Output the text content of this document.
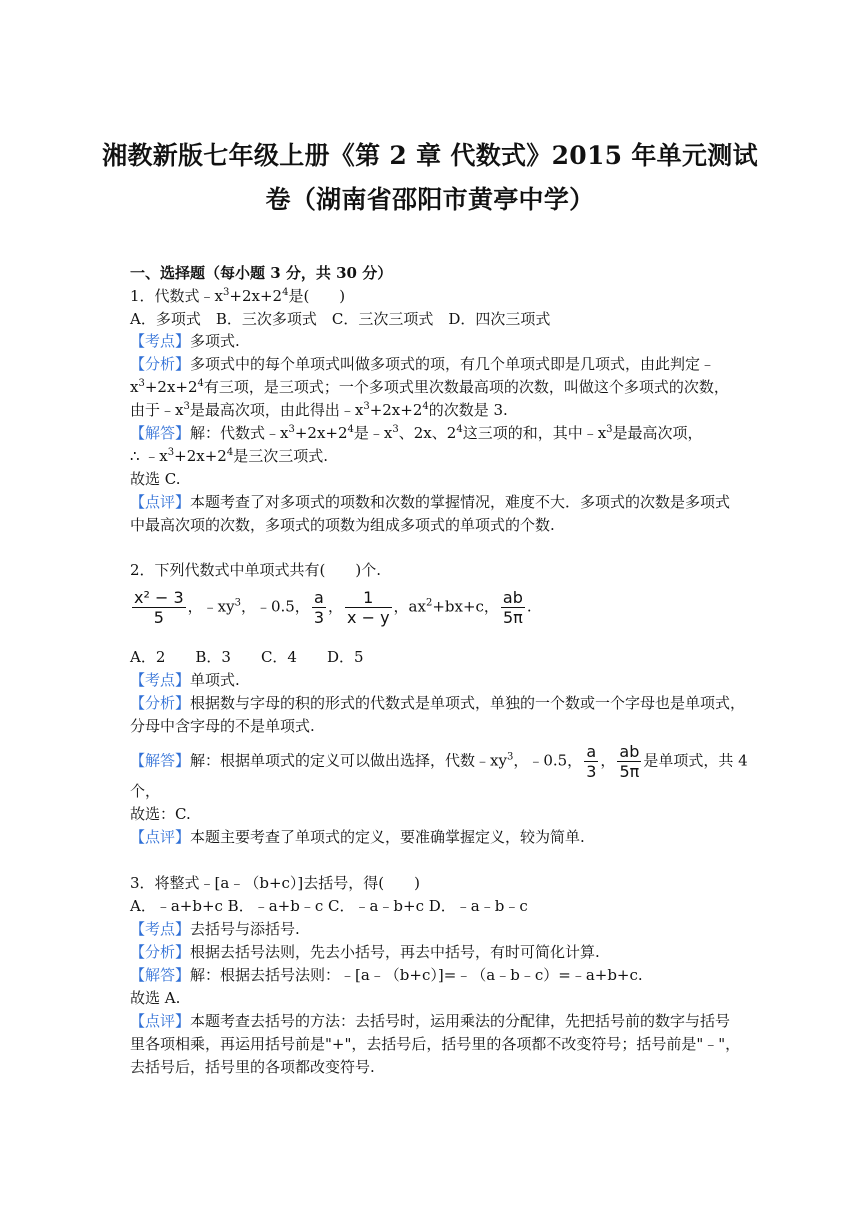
湘教新版七年级上册《第 2 章 代数式》2015 年单元测试
卷（湖南省邵阳市黄亭中学）
一、选择题（每小题 3 分，共 30 分）
1．代数式$﹣x^3+2x+2^4$是(　　)
A．多项式　B．三次多项式　C．三次三项式　D．四次三项式
【考点】多项式.
【分析】多项式中的每个单项式叫做多项式的项，有几个单项式即是几项式，由此判定﹣
$x^3+2x+2^4$有三项，是三项式；一个多项式里次数最高项的次数，叫做这个多项式的次数，
由于$﹣x^3$是最高次项，由此得出$﹣x^3+2x+2^4$的次数是 3.
【解答】解：代数式$﹣x^3+2x+2^4$是$﹣x^3$、2x、$2^4$这三项的和，其中$﹣x^3$是最高次项，
∴ $﹣x^3+2x+2^4$是三次三项式.
故选 C.
【点评】本题考查了对多项式的项数和次数的掌握情况，难度不大．多项式的次数是多项式
中最高次项的次数，多项式的项数为组成多项式的单项式的个数.
2．下列代数式中单项式共有(　　)个.
$\frac{\text{x² − 3}}{5}$ ，$﹣xy^3$，﹣0.5， $\frac{a}{3}$ ， $\frac{1}{x - y}$ ，$ax^2+bx+c$， $\frac{ab}{5\pi}$ .
A．2　　B．3　　C．4　　D．5
【考点】单项式.
【分析】根据数与字母的积的形式的代数式是单项式，单独的一个数或一个字母也是单项式，
分母中含字母的不是单项式.
【解答】解：根据单项式的定义可以做出选择，代数$﹣xy^3$，﹣0.5， $\frac{a}{3}$ ， $\frac{ab}{5\pi}$ 是单项式，共 4
个，
故选：C.
【点评】本题主要考查了单项式的定义，要准确掌握定义，较为简单.
3．将整式﹣[a﹣（b+c）]去括号，得(　　)
A．﹣a+b+c B．﹣a+b﹣c C．﹣a﹣b+c D．﹣a﹣b﹣c
【考点】去括号与添括号.
【分析】根据去括号法则，先去小括号，再去中括号，有时可简化计算.
【解答】解：根据去括号法则：﹣[a﹣（b+c）]=﹣（a﹣b﹣c）=﹣a+b+c.
故选 A.
【点评】本题考查去括号的方法：去括号时，运用乘法的分配律，先把括号前的数字与括号
里各项相乘，再运用括号前是"+"，去括号后，括号里的各项都不改变符号；括号前是"﹣"，
去括号后，括号里的各项都改变符号.
